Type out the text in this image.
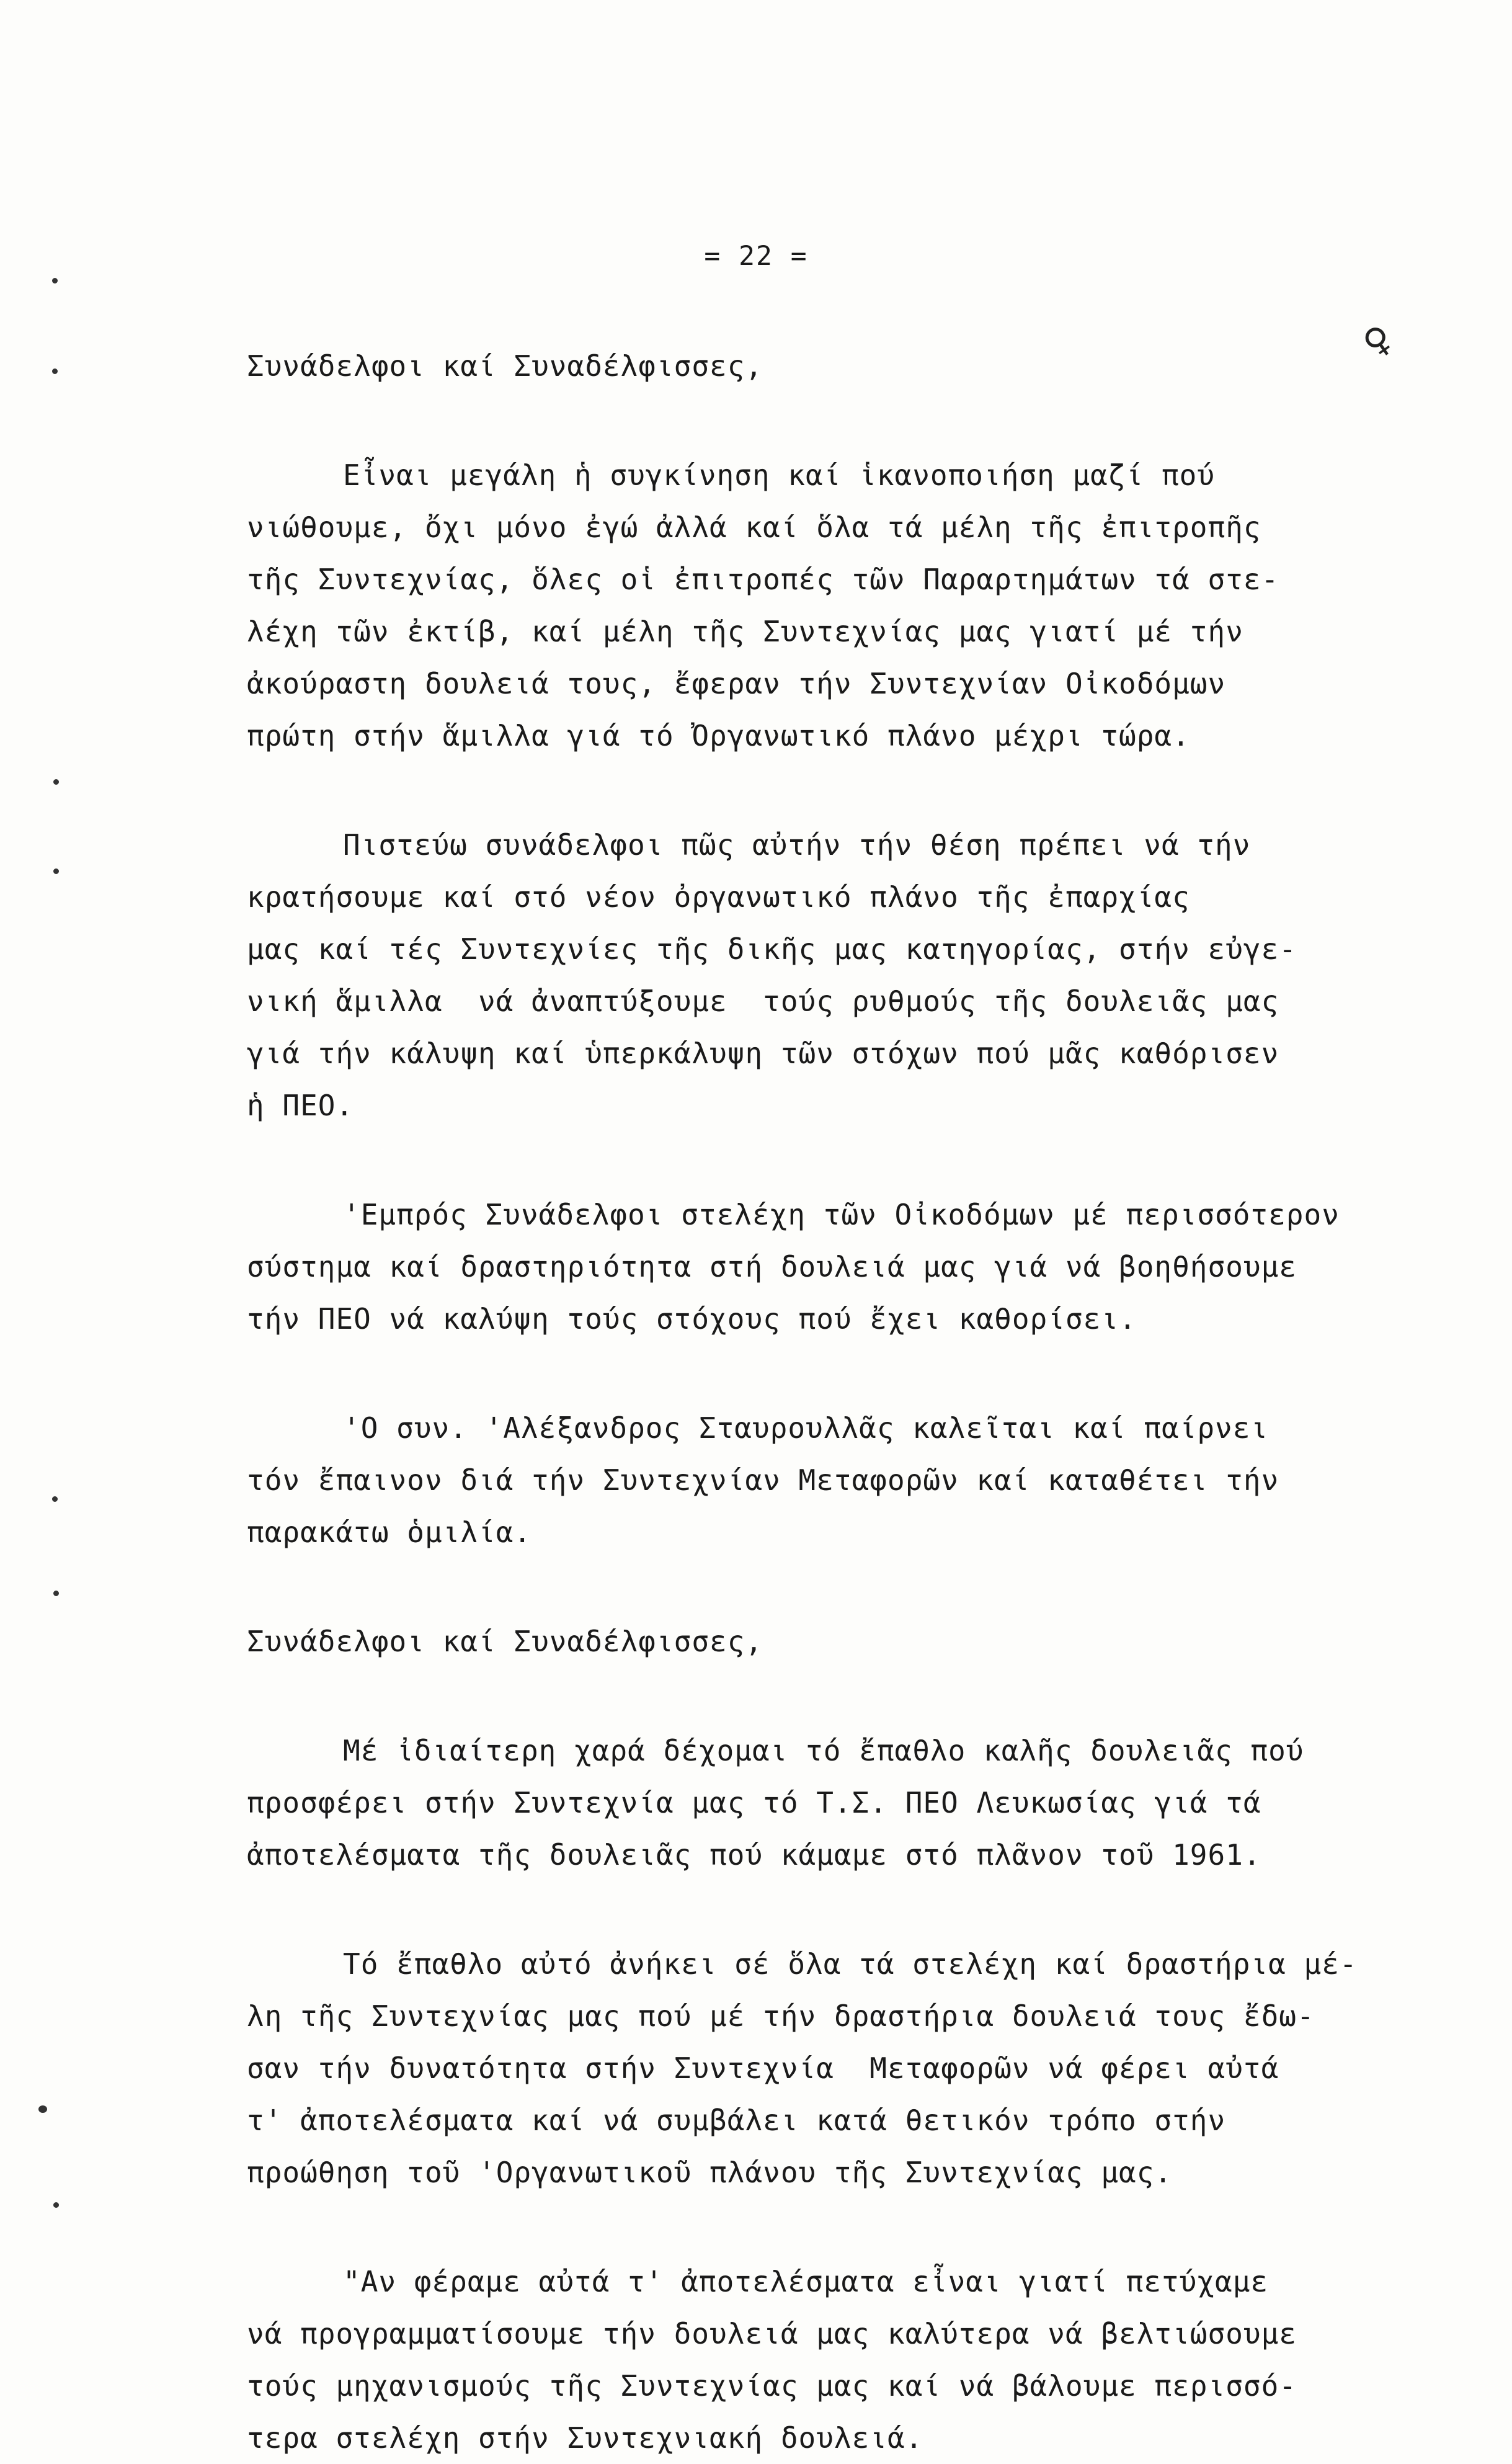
= 22 =
♀
Συνάδελφοι καί Συναδέλφισσες,
Εἶναι μεγάλη ἡ συγκίνηση καί ἱκανοποιήση μαζί πού
νιώθουμε, ὄχι μόνο ἐγώ ἀλλά καί ὅλα τά μέλη τῆς ἐπιτροπῆς
τῆς Συντεχνίας, ὅλες οἱ ἐπιτροπές τῶν Παραρτημάτων τά στε-
λέχη τῶν ἐκτίβ, καί μέλη τῆς Συντεχνίας μας γιατί μέ τήν
ἀκούραστη δουλειά τους, ἔφεραν τήν Συντεχνίαν Οἰκοδόμων
πρώτη στήν ἅμιλλα γιά τό Ὀργανωτικό πλάνο μέχρι τώρα.
Πιστεύω συνάδελφοι πῶς αὐτήν τήν θέση πρέπει νά τήν
κρατήσουμε καί στό νέον ὀργανωτικό πλάνο τῆς ἐπαρχίας
μας καί τές Συντεχνίες τῆς δικῆς μας κατηγορίας, στήν εὐγε-
νική ἅμιλλα  νά ἀναπτύξουμε  τούς ρυθμούς τῆς δουλειᾶς μας
γιά τήν κάλυψη καί ὑπερκάλυψη τῶν στόχων πού μᾶς καθόρισεν
ἡ ΠΕΟ.
'Εμπρός Συνάδελφοι στελέχη τῶν Οἰκοδόμων μέ περισσότερον
σύστημα καί δραστηριότητα στή δουλειά μας γιά νά βοηθήσουμε
τήν ΠΕΟ νά καλύψη τούς στόχους πού ἔχει καθορίσει.
'Ο συν. 'Αλέξανδρος Σταυρουλλᾶς καλεῖται καί παίρνει
τόν ἔπαινον διά τήν Συντεχνίαν Μεταφορῶν καί καταθέτει τήν
παρακάτω ὁμιλία.
Συνάδελφοι καί Συναδέλφισσες,
Μέ ἰδιαίτερη χαρά δέχομαι τό ἔπαθλο καλῆς δουλειᾶς πού
προσφέρει στήν Συντεχνία μας τό Τ.Σ. ΠΕΟ Λευκωσίας γιά τά
ἀποτελέσματα τῆς δουλειᾶς πού κάμαμε στό πλᾶνον τοῦ 1961.
Τό ἔπαθλο αὐτό ἀνήκει σέ ὅλα τά στελέχη καί δραστήρια μέ-
λη τῆς Συντεχνίας μας πού μέ τήν δραστήρια δουλειά τους ἔδω-
σαν τήν δυνατότητα στήν Συντεχνία  Μεταφορῶν νά φέρει αὐτά
τ' ἀποτελέσματα καί νά συμβάλει κατά θετικόν τρόπο στήν
προώθηση τοῦ 'Οργανωτικοῦ πλάνου τῆς Συντεχνίας μας.
"Αν φέραμε αὐτά τ' ἀποτελέσματα εἶναι γιατί πετύχαμε
νά προγραμματίσουμε τήν δουλειά μας καλύτερα νά βελτιώσουμε
τούς μηχανισμούς τῆς Συντεχνίας μας καί νά βάλουμε περισσό-
τερα στελέχη στήν Συντεχνιακή δουλειά.
